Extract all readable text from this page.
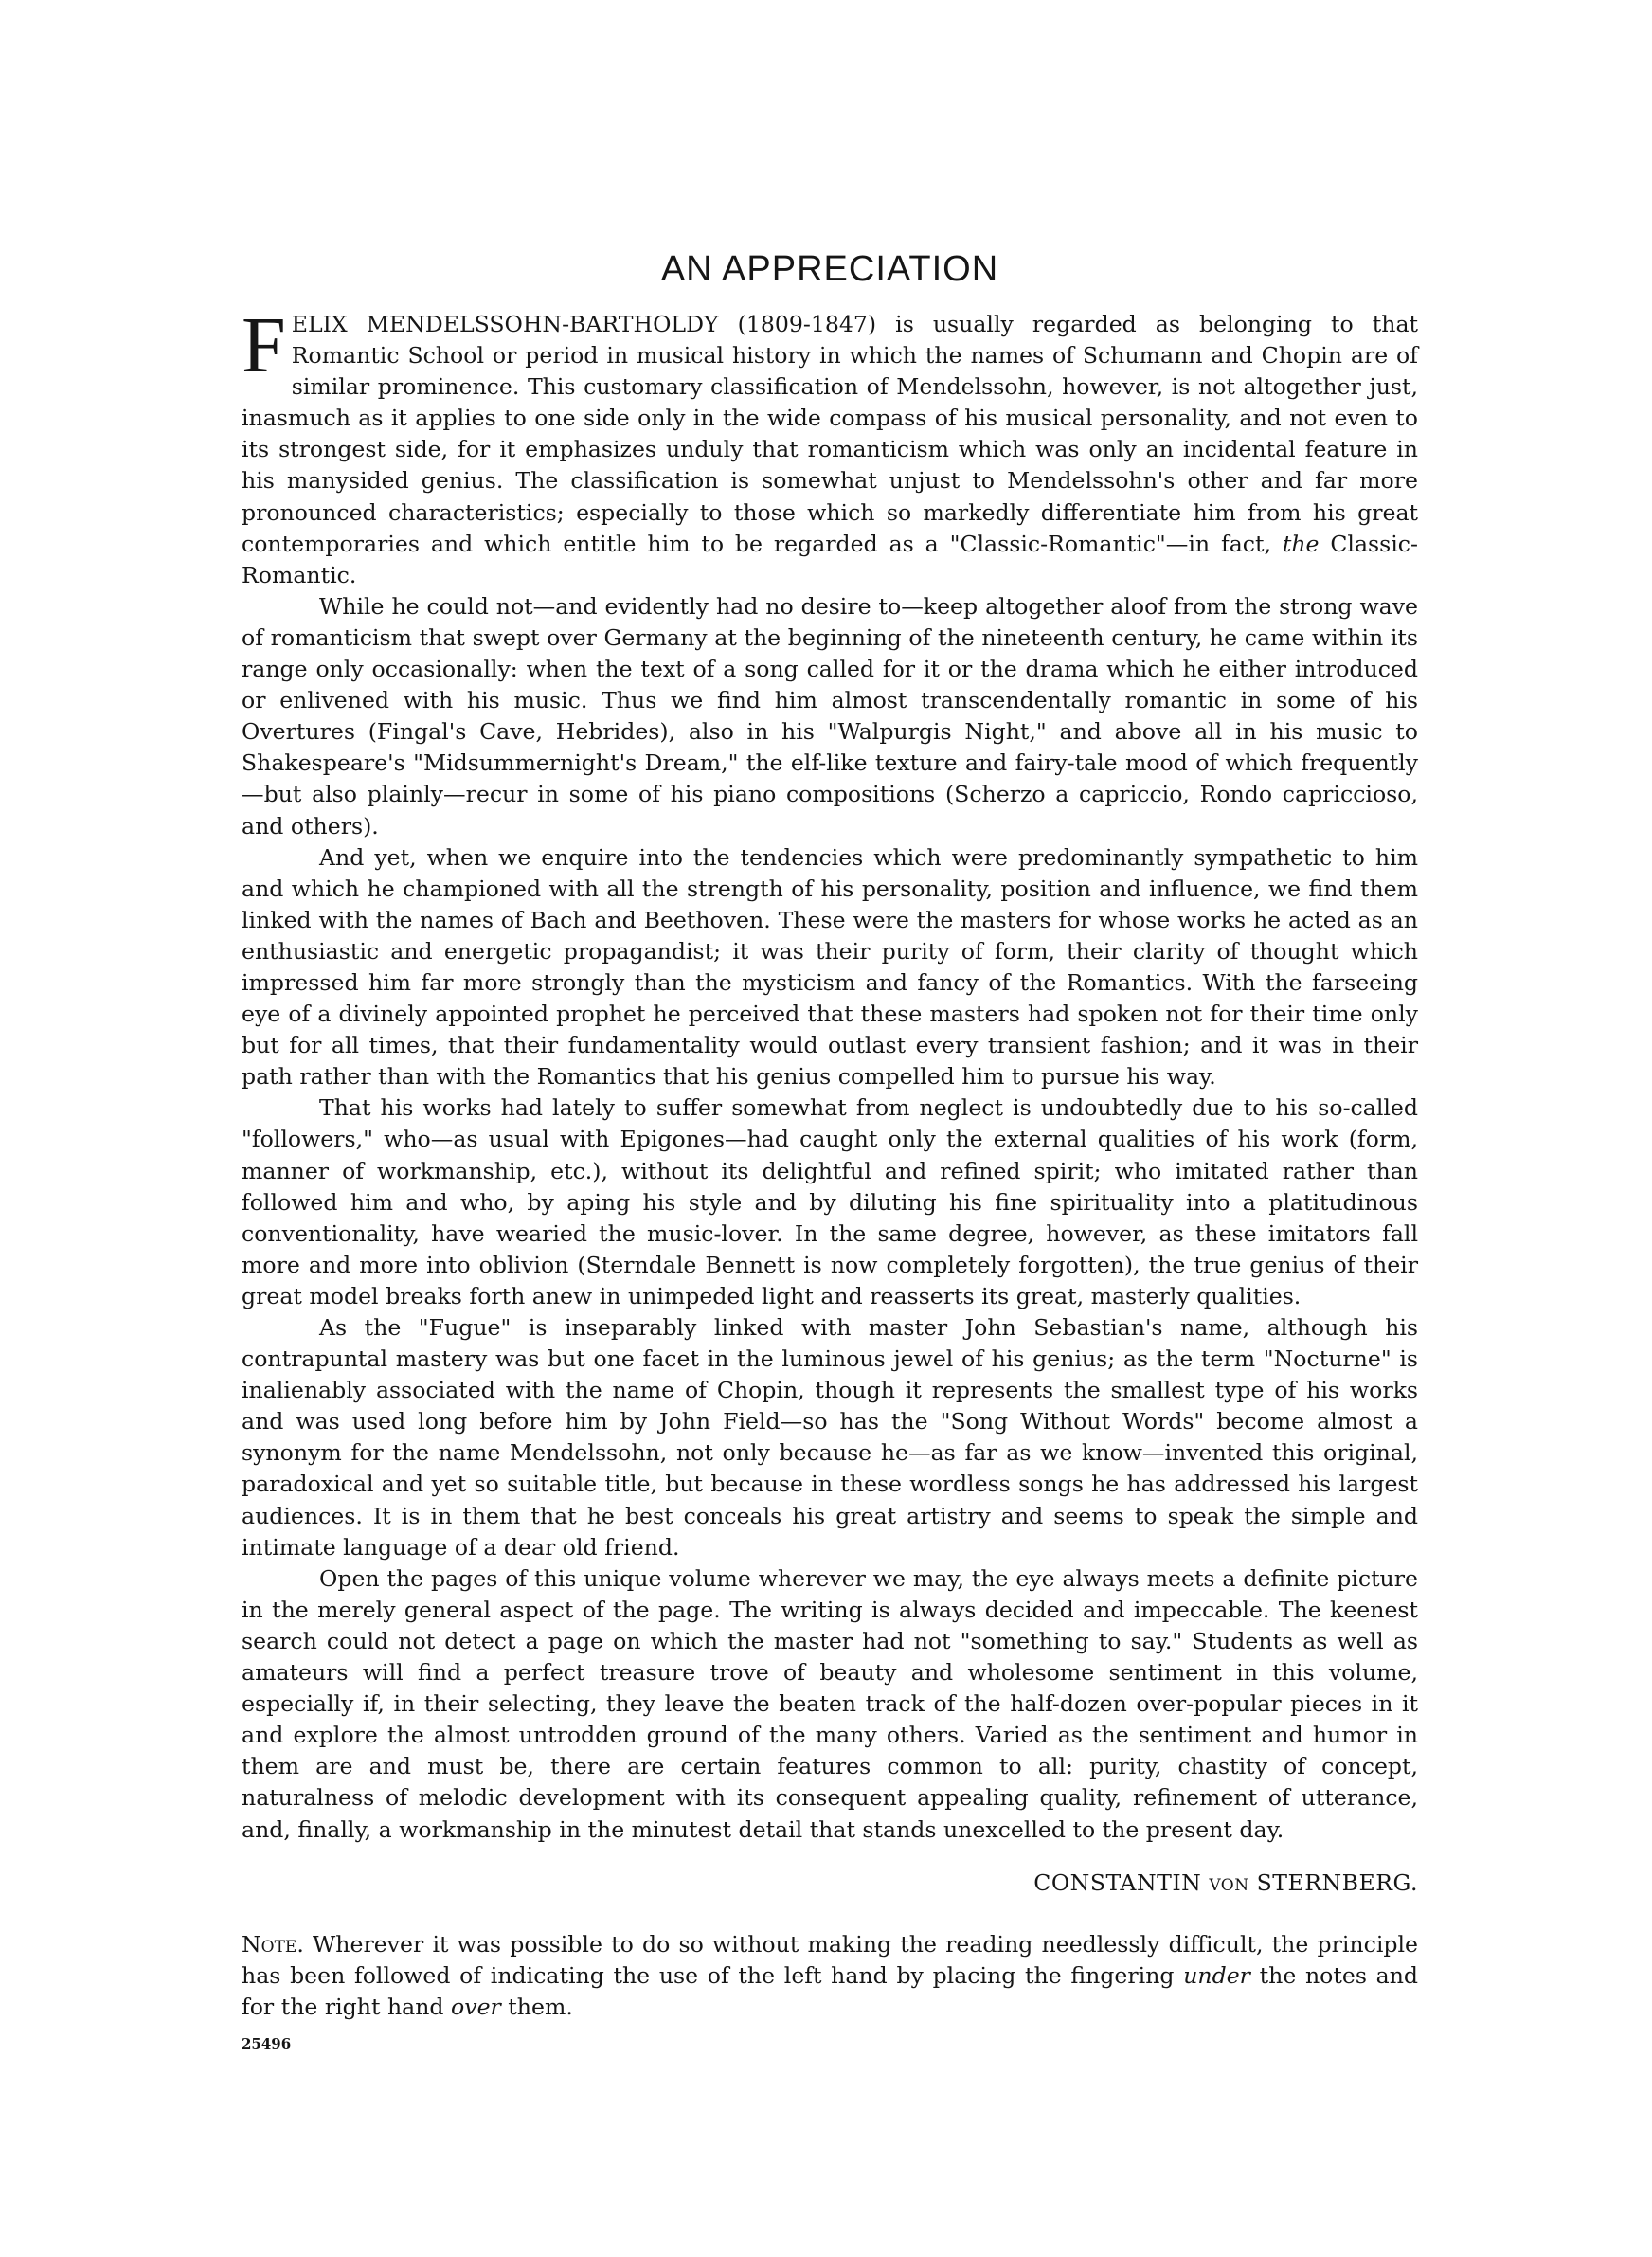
AN APPRECIATION

FELIX MENDELSSOHN-BARTHOLDY (1809-1847) is usually regarded as belonging to that Romantic School or period in musical history in which the names of Schumann and Chopin are of similar prominence. This customary classification of Mendelssohn, however, is not altogether just, inasmuch as it applies to one side only in the wide compass of his musical personality, and not even to its strongest side, for it emphasizes unduly that romanticism which was only an incidental feature in his manysided genius. The classification is somewhat unjust to Mendelssohn's other and far more pronounced characteristics; especially to those which so markedly differentiate him from his great contemporaries and which entitle him to be regarded as a "Classic-Romantic"—in fact, the Classic-Romantic.

While he could not—and evidently had no desire to—keep altogether aloof from the strong wave of romanticism that swept over Germany at the beginning of the nineteenth century, he came within its range only occasionally: when the text of a song called for it or the drama which he either introduced or enlivened with his music. Thus we find him almost transcendentally romantic in some of his Overtures (Fingal's Cave, Hebrides), also in his "Walpurgis Night," and above all in his music to Shakespeare's "Midsummernight's Dream," the elf-like texture and fairy-tale mood of which frequently—but also plainly—recur in some of his piano compositions (Scherzo a capriccio, Rondo capriccioso, and others).

And yet, when we enquire into the tendencies which were predominantly sympathetic to him and which he championed with all the strength of his personality, position and influence, we find them linked with the names of Bach and Beethoven. These were the masters for whose works he acted as an enthusiastic and energetic propagandist; it was their purity of form, their clarity of thought which impressed him far more strongly than the mysticism and fancy of the Romantics. With the farseeing eye of a divinely appointed prophet he perceived that these masters had spoken not for their time only but for all times, that their fundamentality would outlast every transient fashion; and it was in their path rather than with the Romantics that his genius compelled him to pursue his way.

That his works had lately to suffer somewhat from neglect is undoubtedly due to his so-called "followers," who—as usual with Epigones—had caught only the external qualities of his work (form, manner of workmanship, etc.), without its delightful and refined spirit; who imitated rather than followed him and who, by aping his style and by diluting his fine spirituality into a platitudinous conventionality, have wearied the music-lover. In the same degree, however, as these imitators fall more and more into oblivion (Sterndale Bennett is now completely forgotten), the true genius of their great model breaks forth anew in unimpeded light and reasserts its great, masterly qualities.

As the "Fugue" is inseparably linked with master John Sebastian's name, although his contrapuntal mastery was but one facet in the luminous jewel of his genius; as the term "Nocturne" is inalienably associated with the name of Chopin, though it represents the smallest type of his works and was used long before him by John Field—so has the "Song Without Words" become almost a synonym for the name Mendelssohn, not only because he—as far as we know—invented this original, paradoxical and yet so suitable title, but because in these wordless songs he has addressed his largest audiences. It is in them that he best conceals his great artistry and seems to speak the simple and intimate language of a dear old friend.

Open the pages of this unique volume wherever we may, the eye always meets a definite picture in the merely general aspect of the page. The writing is always decided and impeccable. The keenest search could not detect a page on which the master had not "something to say." Students as well as amateurs will find a perfect treasure trove of beauty and wholesome sentiment in this volume, especially if, in their selecting, they leave the beaten track of the half-dozen over-popular pieces in it and explore the almost untrodden ground of the many others. Varied as the sentiment and humor in them are and must be, there are certain features common to all: purity, chastity of concept, naturalness of melodic development with its consequent appealing quality, refinement of utterance, and, finally, a workmanship in the minutest detail that stands unexcelled to the present day.

CONSTANTIN von STERNBERG.
Note. Wherever it was possible to do so without making the reading needlessly difficult, the principle has been followed of indicating the use of the left hand by placing the fingering under the notes and for the right hand over them.
25496
